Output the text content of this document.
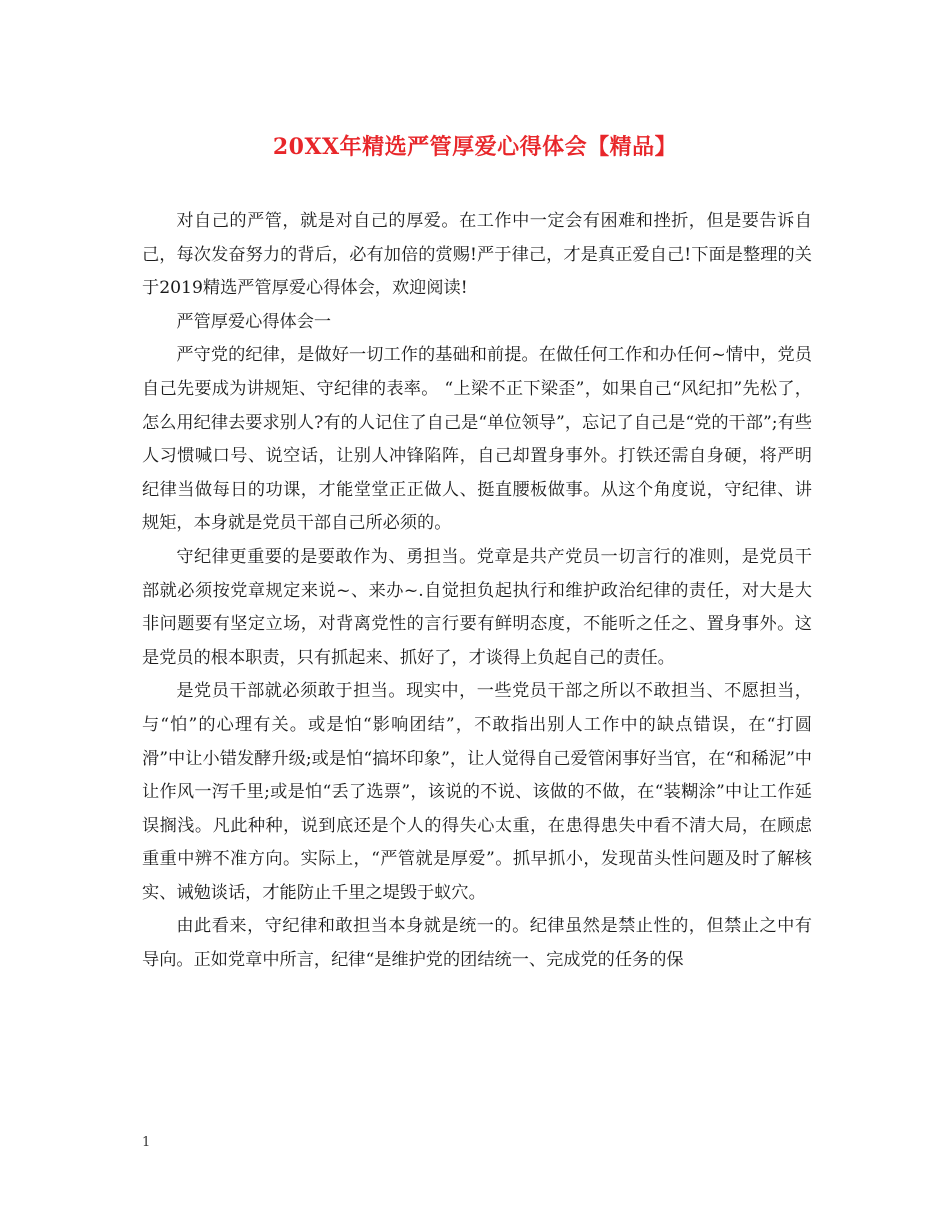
20XX年精选严管厚爱心得体会【精品】

对自己的严管，就是对自己的厚爱。在工作中一定会有困难和挫折，但是要告诉自己，每次发奋努力的背后，必有加倍的赏赐!严于律己，才是真正爱自己!下面是整理的关于2019精选严管厚爱心得体会，欢迎阅读!

严管厚爱心得体会一

严守党的纪律，是做好一切工作的基础和前提。在做任何工作和办任何~情中，党员自己先要成为讲规矩、守纪律的表率。 “上梁不正下梁歪”，如果自己“风纪扣”先松了，怎么用纪律去要求别人?有的人记住了自己是“单位领导”，忘记了自己是“党的干部”;有些人习惯喊口号、说空话，让别人冲锋陷阵，自己却置身事外。打铁还需自身硬，将严明纪律当做每日的功课，才能堂堂正正做人、挺直腰板做事。从这个角度说，守纪律、讲规矩，本身就是党员干部自己所必须的。

守纪律更重要的是要敢作为、勇担当。党章是共产党员一切言行的准则，是党员干部就必须按党章规定来说~、来办~.自觉担负起执行和维护政治纪律的责任，对大是大非问题要有坚定立场，对背离党性的言行要有鲜明态度，不能听之任之、置身事外。这是党员的根本职责，只有抓起来、抓好了，才谈得上负起自己的责任。

是党员干部就必须敢于担当。现实中，一些党员干部之所以不敢担当、不愿担当，与“怕”的心理有关。或是怕“影响团结”，不敢指出别人工作中的缺点错误，在“打圆滑”中让小错发酵升级;或是怕“搞坏印象”，让人觉得自己爱管闲事好当官，在“和稀泥”中让作风一泻千里;或是怕“丢了选票”，该说的不说、该做的不做，在“装糊涂”中让工作延误搁浅。凡此种种，说到底还是个人的得失心太重，在患得患失中看不清大局，在顾虑重重中辨不准方向。实际上，“严管就是厚爱”。抓早抓小，发现苗头性问题及时了解核实、诫勉谈话，才能防止千里之堤毁于蚁穴。

由此看来，守纪律和敢担当本身就是统一的。纪律虽然是禁止性的，但禁止之中有导向。正如党章中所言，纪律“是维护党的团结统一、完成党的任务的保

1
